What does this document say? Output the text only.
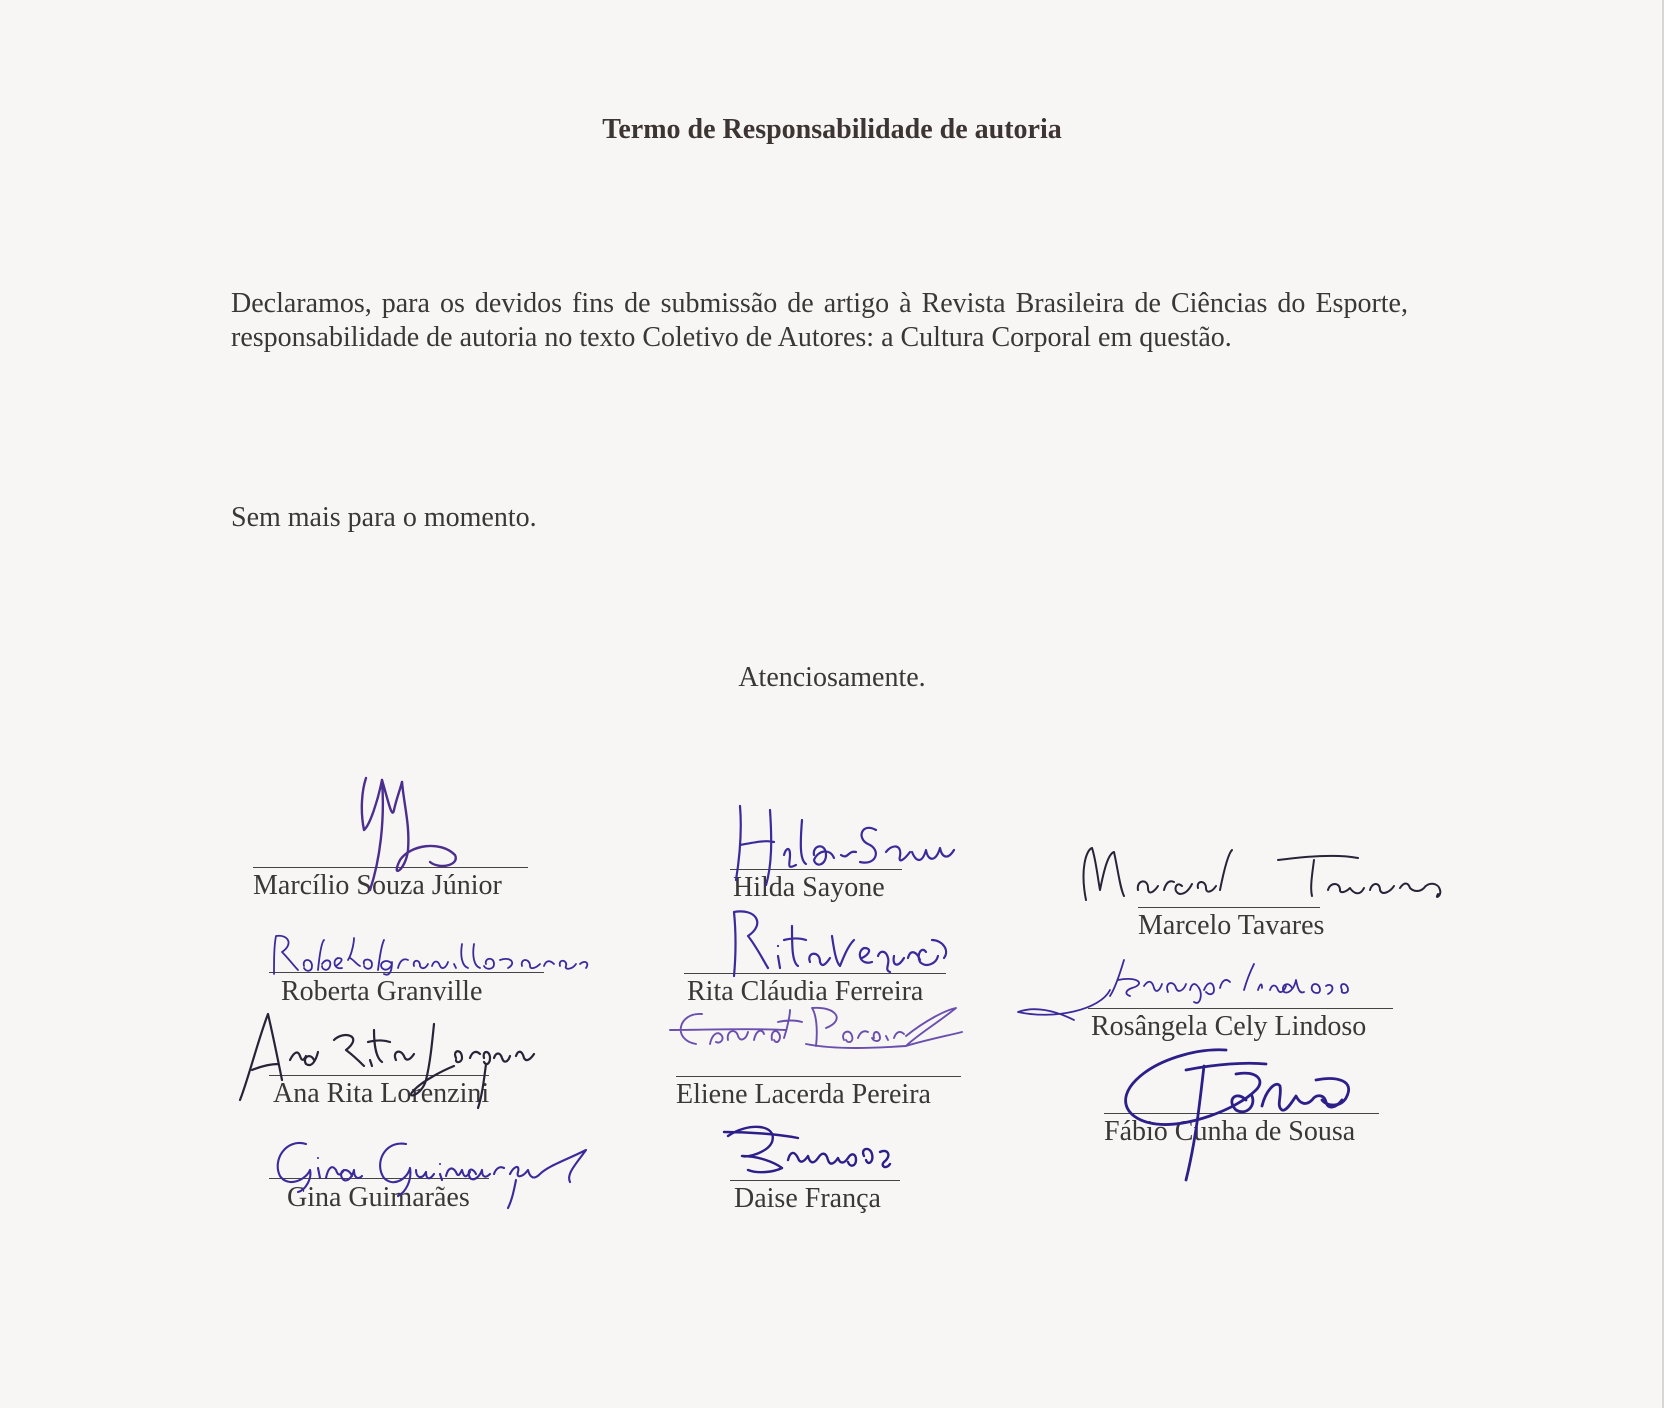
Termo de Responsabilidade de autoria
Declaramos, para os devidos fins de submissão de artigo à Revista Brasileira de Ciências do Esporte, responsabilidade de autoria no texto Coletivo de Autores: a Cultura Corporal em questão.
Sem mais para o momento.
Atenciosamente.
Marcílio Souza Júnior
Roberta Granville
Ana Rita Lorenzini
Gina Guimarães
Hilda Sayone
Rita Cláudia Ferreira
Eliene Lacerda Pereira
Daise França
Marcelo Tavares
Rosângela Cely Lindoso
Fábio Cunha de Sousa
